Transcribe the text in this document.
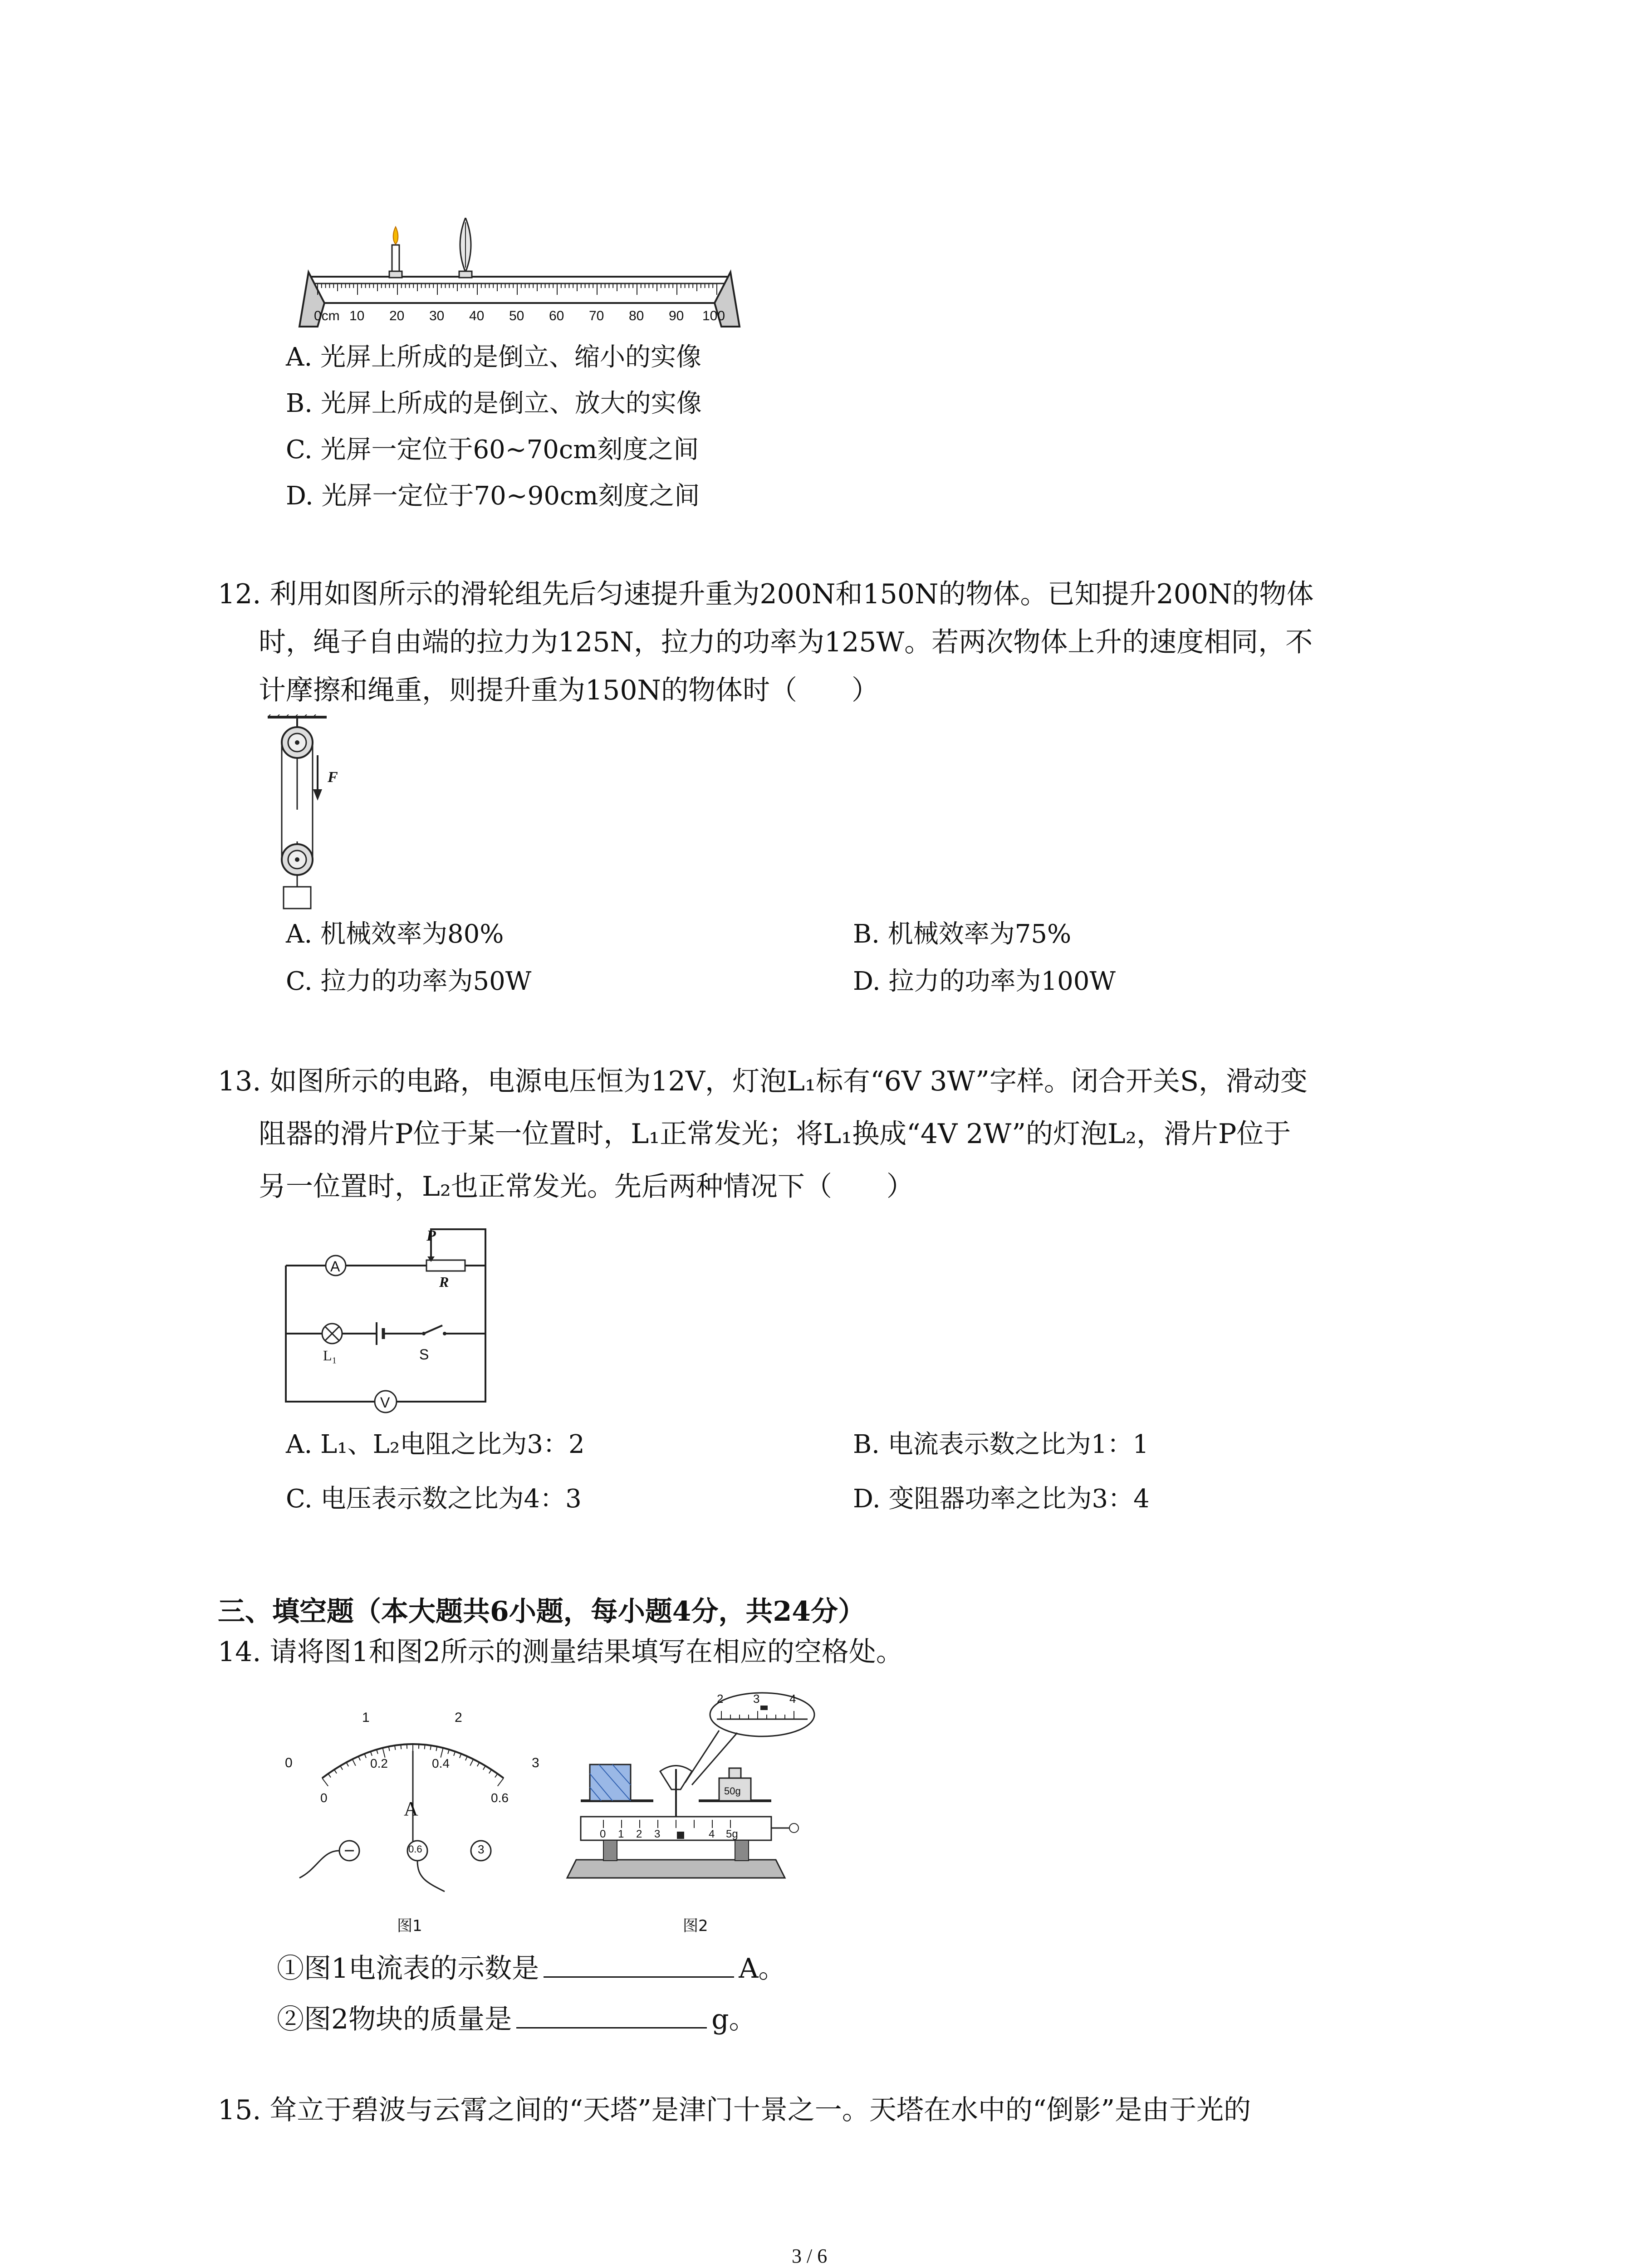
0cm 10 20 30 40 50 60 70 80 90 100
A. 光屏上所成的是倒立、缩小的实像
B. 光屏上所成的是倒立、放大的实像
C. 光屏一定位于60~70cm刻度之间
D. 光屏一定位于70~90cm刻度之间
12. 利用如图所示的滑轮组先后匀速提升重为200N和150N的物体。已知提升200N的物体
时，绳子自由端的拉力为125N，拉力的功率为125W。若两次物体上升的速度相同，不
计摩擦和绳重，则提升重为150N的物体时（　　）
F
A. 机械效率为80%	B. 机械效率为75%
C. 拉力的功率为50W	D. 拉力的功率为100W
13. 如图所示的电路，电源电压恒为12V，灯泡L₁标有“6V 3W”字样。闭合开关S，滑动变
阻器的滑片P位于某一位置时，L₁正常发光；将L₁换成“4V 2W”的灯泡L₂，滑片P位于
另一位置时，L₂也正常发光。先后两种情况下（　　）
A
V
P
R
L₁	S
A. L₁、L₂电阻之比为3：2	B. 电流表示数之比为1：1
C. 电压表示数之比为4：3	D. 变阻器功率之比为3：4
三、填空题（本大题共6小题，每小题4分，共24分）
14. 请将图1和图2所示的测量结果填写在相应的空格处。
0
1	2
3
0
0.2	0.4
0.6
A
0.6	3
图1
50g
2	3	4
0 1 2 3	4 5g
图2
①图1电流表的示数是	A。
②图2物块的质量是	g。
15. 耸立于碧波与云霄之间的“天塔”是津门十景之一。天塔在水中的“倒影”是由于光的
3 / 6
